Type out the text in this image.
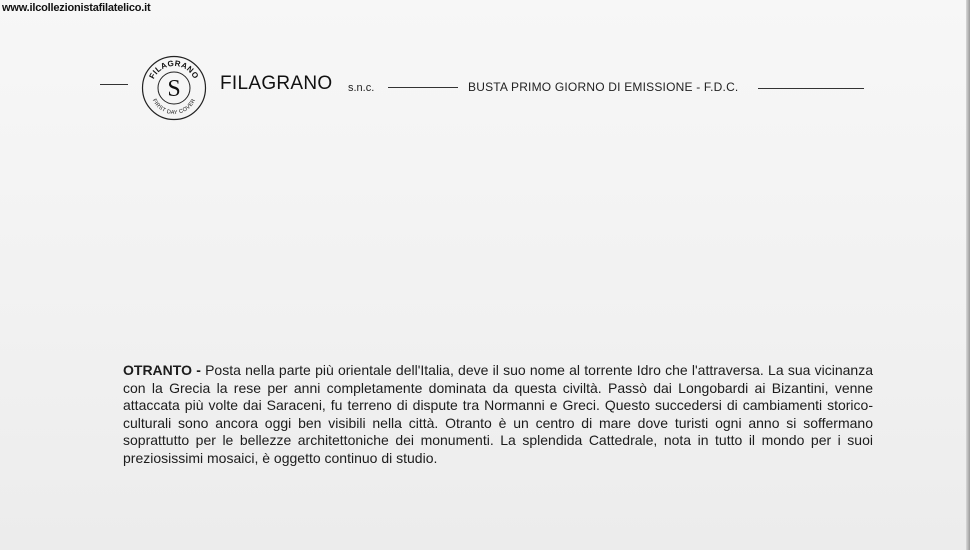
www.ilcollezionistafilatelico.it
FILAGRANO
FIRST DAY COVER
S FILAGRANO s.n.c.	BUSTA PRIMO GIORNO DI EMISSIONE - F.D.C.
OTRANTO - Posta nella parte più orientale dell'Italia, deve il suo nome al torrente Idro che l'attraversa. La sua vicinanza con la Grecia la rese per anni completamente dominata da questa civiltà. Passò dai Longobardi ai Bizantini, venne attaccata più volte dai Saraceni, fu terreno di dispute tra Normanni e Greci. Questo succedersi di cambiamenti storico-culturali sono ancora oggi ben visibili nella città. Otranto è un centro di mare dove turisti ogni anno si soffermano soprattutto per le bellezze architettoniche dei monumenti. La splendida Cattedrale, nota in tutto il mondo per i suoi preziosissimi mosaici, è oggetto continuo di studio.
